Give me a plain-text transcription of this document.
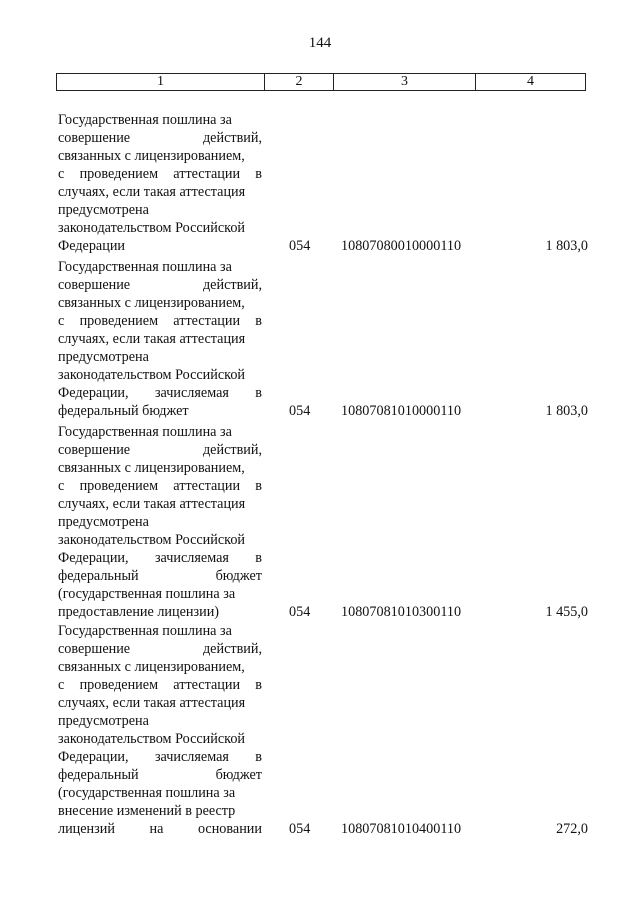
144
1	2	3	4
Государственная пошлина за
совершение действий,
связанных с лицензированием,
с проведением аттестации в
случаях, если такая аттестация
предусмотрена
законодательством Российской
Федерации	054 10807080010000110	1 803,0
Государственная пошлина за
совершение действий,
связанных с лицензированием,
с проведением аттестации в
случаях, если такая аттестация
предусмотрена
законодательством Российской
Федерации, зачисляемая в
федеральный бюджет	054 10807081010000110	1 803,0
Государственная пошлина за
совершение действий,
связанных с лицензированием,
с проведением аттестации в
случаях, если такая аттестация
предусмотрена
законодательством Российской
Федерации, зачисляемая в
федеральный бюджет
(государственная пошлина за
предоставление лицензии)	054 10807081010300110	1 455,0
Государственная пошлина за
совершение действий,
связанных с лицензированием,
с проведением аттестации в
случаях, если такая аттестация
предусмотрена
законодательством Российской
Федерации, зачисляемая в
федеральный бюджет
(государственная пошлина за
внесение изменений в реестр
лицензий на основании 054 10807081010400110	272,0
